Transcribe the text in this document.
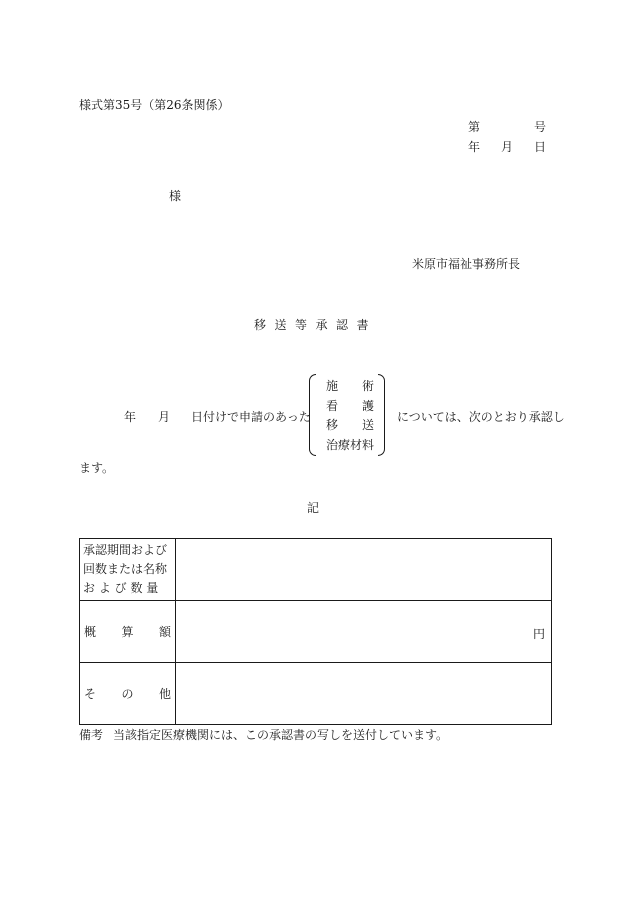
様式第35号（第26条関係）
第	号
年 月 日
様
米原市福祉事務所長
移送等承認書
年 月 日付けで申請のあった
施 術
看 護
移 送
治療材料
については、次のとおり承認し
ます。
記
承認期間および
回数または名称
お よ び 数 量	

概 算 額	円

そ の 他	

備考 当該指定医療機関には、この承認書の写しを送付しています。
